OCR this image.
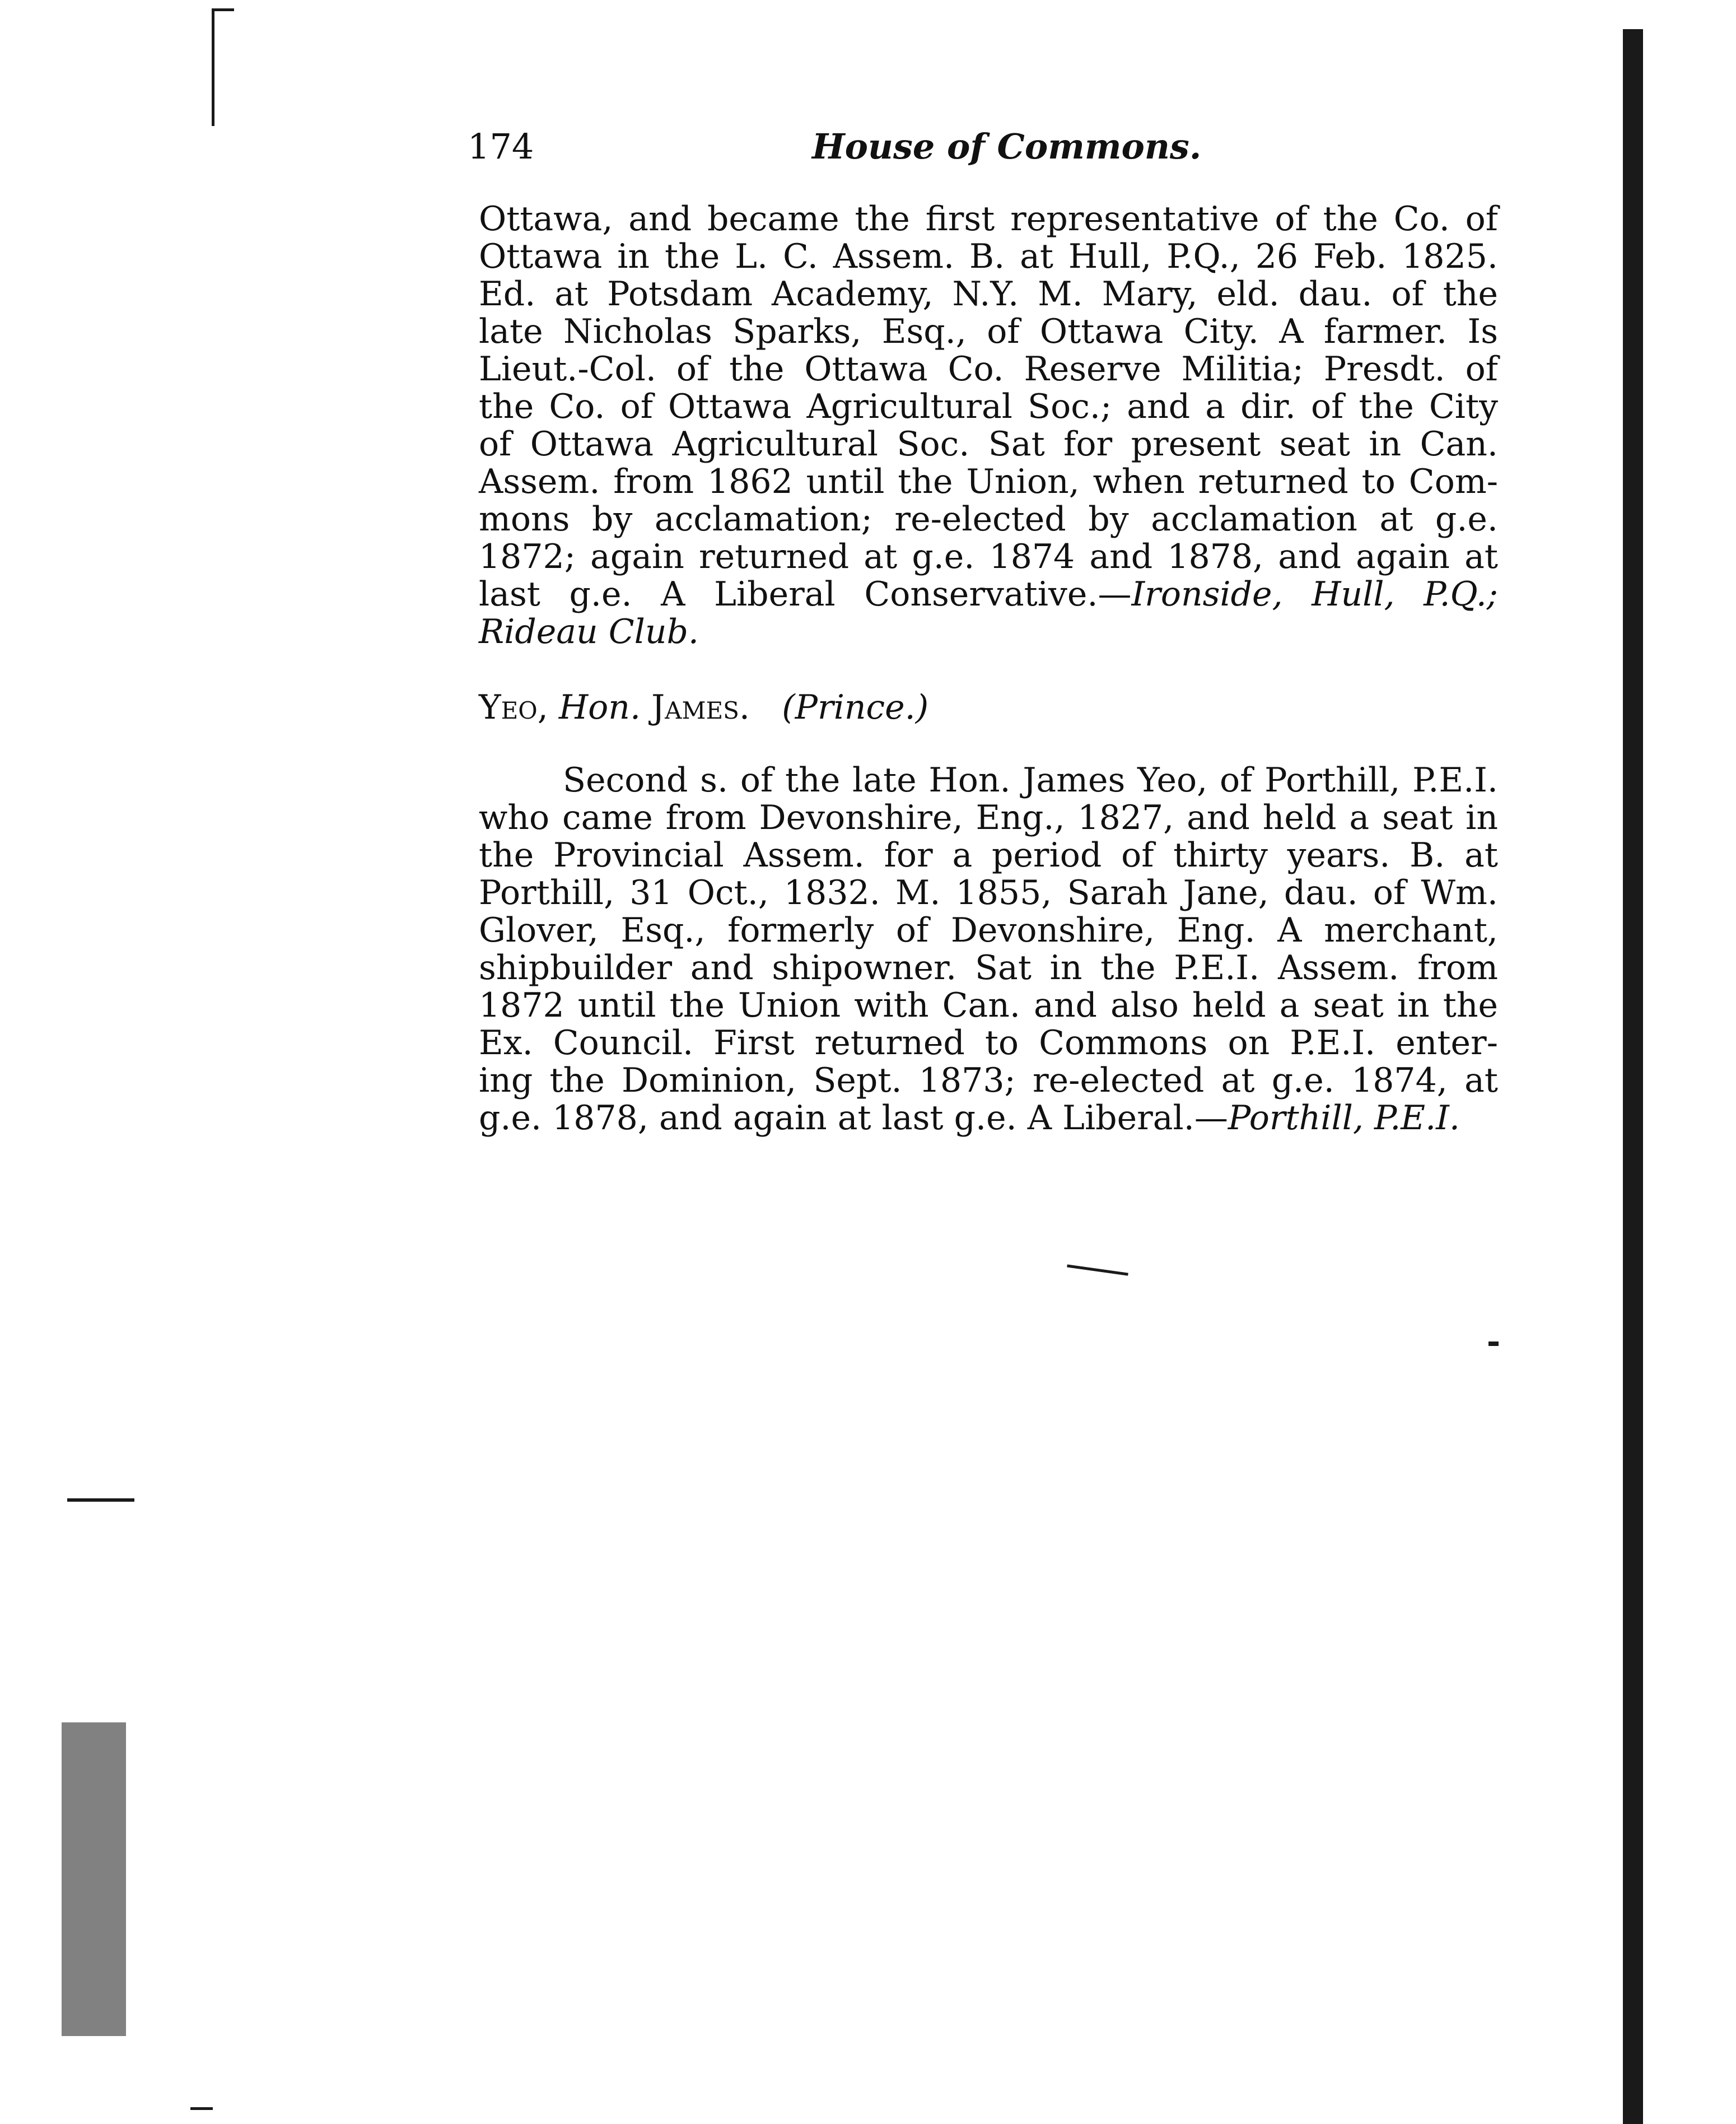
174	House of Commons.
Ottawa, and became the first representative of the Co. of
Ottawa in the L. C. Assem. B. at Hull, P.Q., 26 Feb. 1825.
Ed. at Potsdam Academy, N.Y. M. Mary, eld. dau. of the
late Nicholas Sparks, Esq., of Ottawa City. A farmer. Is
Lieut.-Col. of the Ottawa Co. Reserve Militia; Presdt. of
the Co. of Ottawa Agricultural Soc.; and a dir. of the City
of Ottawa Agricultural Soc. Sat for present seat in Can.
Assem. from 1862 until the Union, when returned to Com-
mons by acclamation; re-elected by acclamation at g.e.
1872; again returned at g.e. 1874 and 1878, and again at
last g.e. A Liberal Conservative.—Ironside, Hull, P.Q.;
Rideau Club.
Yeo, Hon. James. (Prince.)
Second s. of the late Hon. James Yeo, of Porthill, P.E.I.
who came from Devonshire, Eng., 1827, and held a seat in
the Provincial Assem. for a period of thirty years. B. at
Porthill, 31 Oct., 1832. M. 1855, Sarah Jane, dau. of Wm.
Glover, Esq., formerly of Devonshire, Eng. A merchant,
shipbuilder and shipowner. Sat in the P.E.I. Assem. from
1872 until the Union with Can. and also held a seat in the
Ex. Council. First returned to Commons on P.E.I. enter-
ing the Dominion, Sept. 1873; re-elected at g.e. 1874, at
g.e. 1878, and again at last g.e. A Liberal.—Porthill, P.E.I.
